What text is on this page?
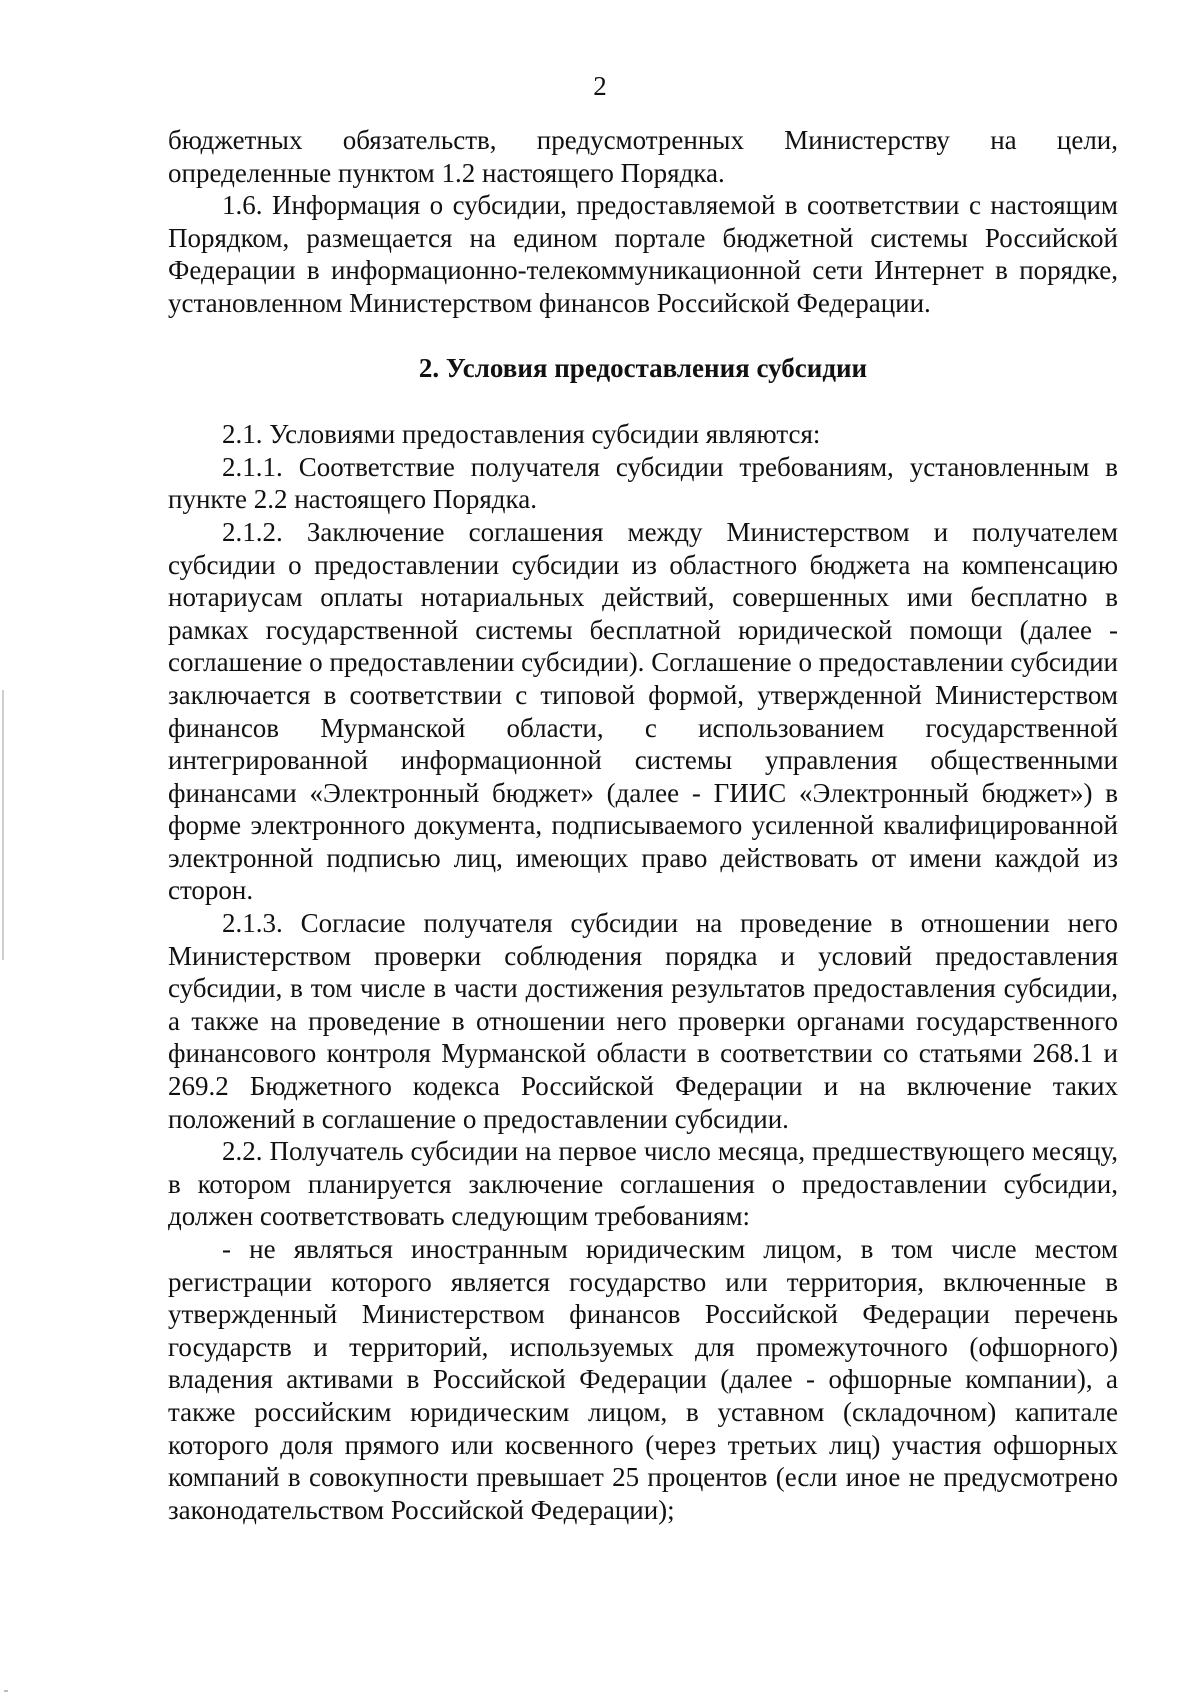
2

бюджетных обязательств, предусмотренных Министерству на цели, определенные пунктом 1.2 настоящего Порядка.

1.6. Информация о субсидии, предоставляемой в соответствии с настоящим Порядком, размещается на едином портале бюджетной системы Российской Федерации в информационно-телекоммуникационной сети Интернет в порядке, установленном Министерством финансов Российской Федерации.

2. Условия предоставления субсидии

2.1. Условиями предоставления субсидии являются:

2.1.1. Соответствие получателя субсидии требованиям, установленным в пункте 2.2 настоящего Порядка.

2.1.2. Заключение соглашения между Министерством и получателем субсидии о предоставлении субсидии из областного бюджета на компенсацию нотариусам оплаты нотариальных действий, совершенных ими бесплатно в рамках государственной системы бесплатной юридической помощи (далее - соглашение о предоставлении субсидии). Соглашение о предоставлении субсидии заключается в соответствии с типовой формой, утвержденной Министерством финансов Мурманской области, с использованием государственной интегрированной информационной системы управления общественными финансами «Электронный бюджет» (далее - ГИИС «Электронный бюджет») в форме электронного документа, подписываемого усиленной квалифицированной электронной подписью лиц, имеющих право действовать от имени каждой из сторон.

2.1.3. Согласие получателя субсидии на проведение в отношении него Министерством проверки соблюдения порядка и условий предоставления субсидии, в том числе в части достижения результатов предоставления субсидии, а также на проведение в отношении него проверки органами государственного финансового контроля Мурманской области в соответствии со статьями 268.1 и 269.2 Бюджетного кодекса Российской Федерации и на включение таких положений в соглашение о предоставлении субсидии.

2.2. Получатель субсидии на первое число месяца, предшествующего месяцу, в котором планируется заключение соглашения о предоставлении субсидии, должен соответствовать следующим требованиям:

- не являться иностранным юридическим лицом, в том числе местом регистрации которого является государство или территория, включенные в утвержденный Министерством финансов Российской Федерации перечень государств и территорий, используемых для промежуточного (офшорного) владения активами в Российской Федерации (далее - офшорные компании), а также российским юридическим лицом, в уставном (складочном) капитале которого доля прямого или косвенного (через третьих лиц) участия офшорных компаний в совокупности превышает 25 процентов (если иное не предусмотрено законодательством Российской Федерации);
